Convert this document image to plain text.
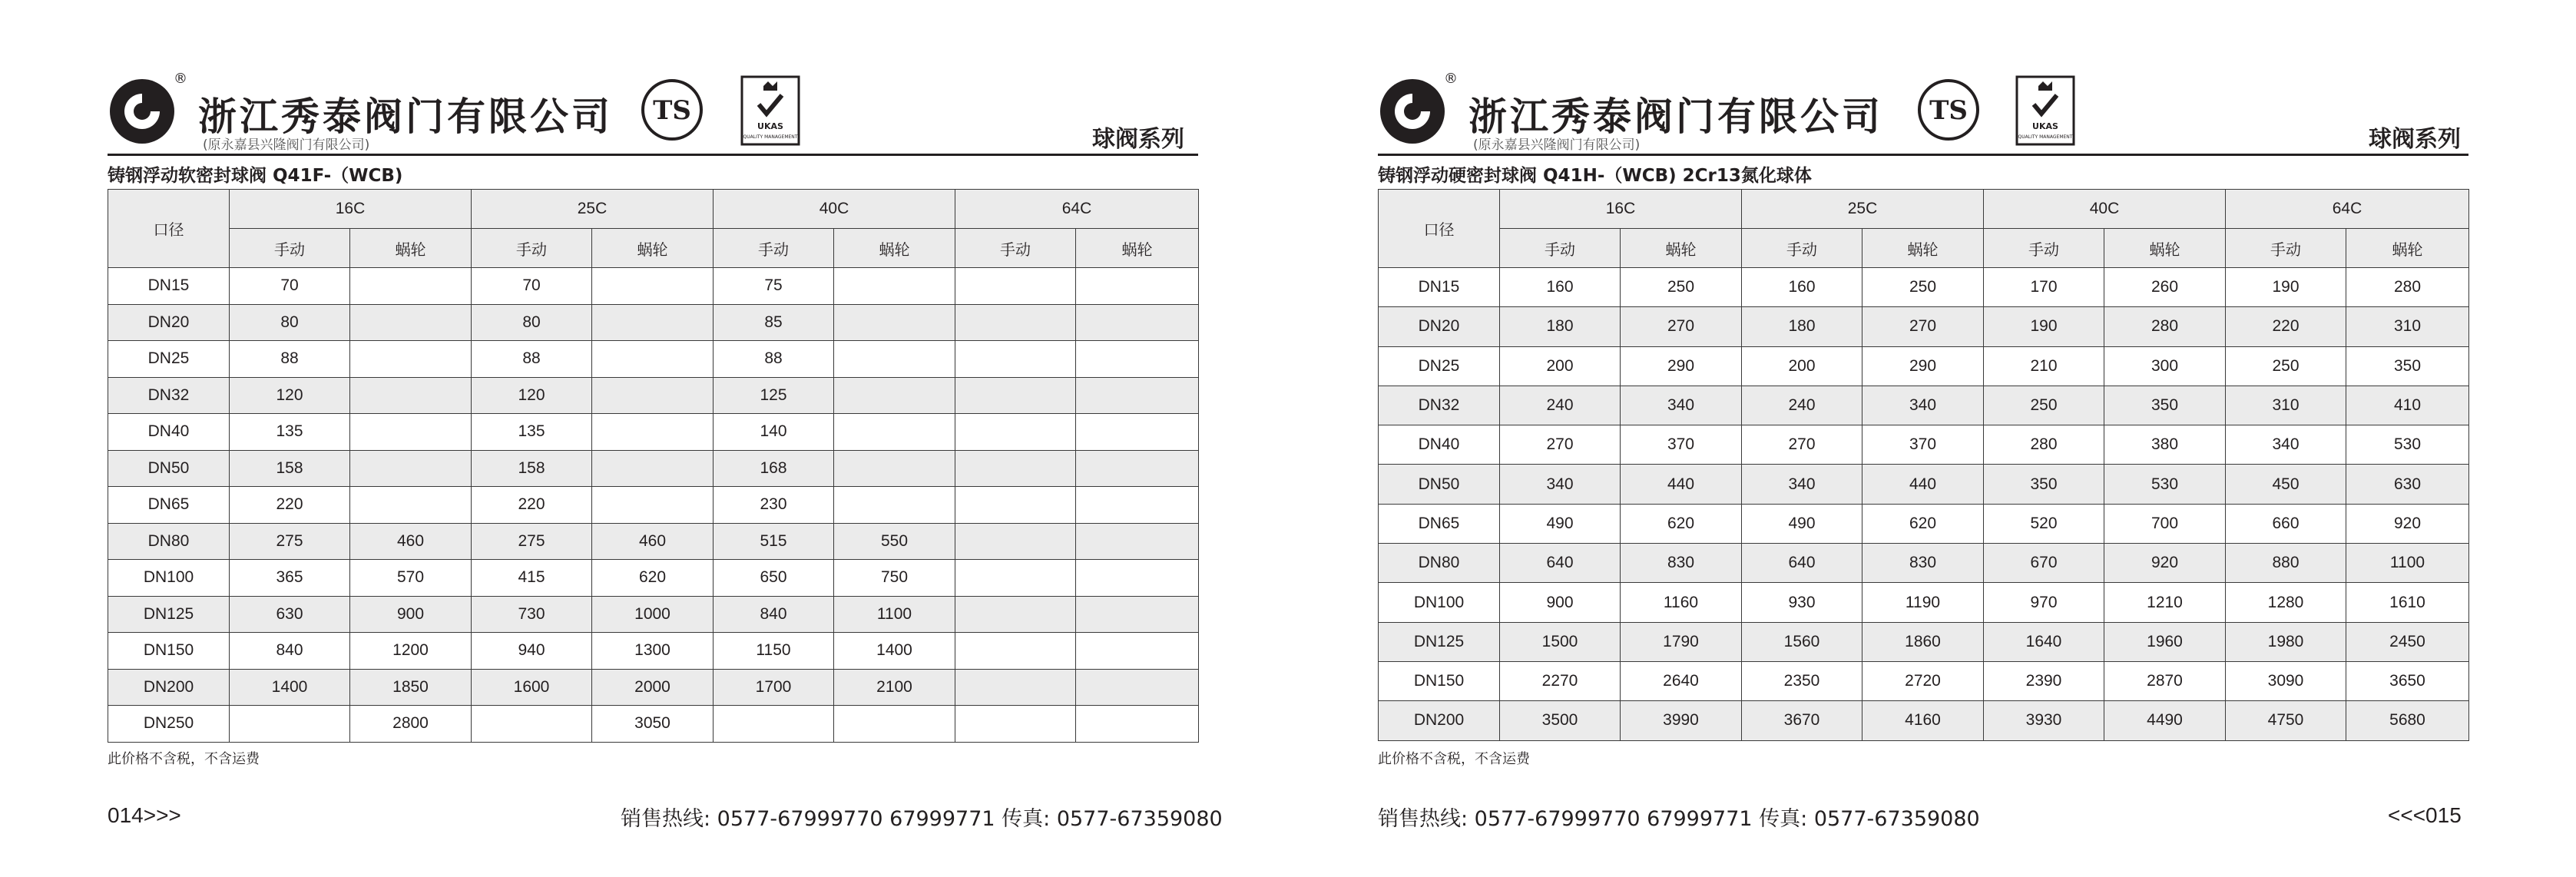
®
浙江秀泰阀门有限公司
(原永嘉县兴隆阀门有限公司)
TS
UKAS
QUALITY MANAGEMENT	球阀系列
铸钢浮动软密封球阀 Q41F-（WCB)
口径	16C		25C		40C		64C	
	手动	蜗轮	手动	蜗轮	手动	蜗轮	手动	蜗轮
DN15	70		70		75			
DN20	80		80		85			
DN25	88		88		88			
DN32	120		120		125			
DN40	135		135		140			
DN50	158		158		168			
DN65	220		220		230			
DN80	275	460	275	460	515	550		
DN100	365	570	415	620	650	750		
DN125	630	900	730	1000	840	1100		
DN150	840	1200	940	1300	1150	1400		
DN200	1400	1850	1600	2000	1700	2100		
DN250		2800		3050				
此价格不含税，不含运费
014>>>	销售热线: 0577-67999770 67999771 传真: 0577-67359080
®
浙江秀泰阀门有限公司
(原永嘉县兴隆阀门有限公司)
TS
UKAS
QUALITY MANAGEMENT	球阀系列
铸钢浮动硬密封球阀 Q41H-（WCB) 2Cr13氮化球体
口径	16C		25C		40C		64C	
	手动	蜗轮	手动	蜗轮	手动	蜗轮	手动	蜗轮
DN15	160	250	160	250	170	260	190	280
DN20	180	270	180	270	190	280	220	310
DN25	200	290	200	290	210	300	250	350
DN32	240	340	240	340	250	350	310	410
DN40	270	370	270	370	280	380	340	530
DN50	340	440	340	440	350	530	450	630
DN65	490	620	490	620	520	700	660	920
DN80	640	830	640	830	670	920	880	1100
DN100	900	1160	930	1190	970	1210	1280	1610
DN125	1500	1790	1560	1860	1640	1960	1980	2450
DN150	2270	2640	2350	2720	2390	2870	3090	3650
DN200	3500	3990	3670	4160	3930	4490	4750	5680
此价格不含税，不含运费
销售热线: 0577-67999770 67999771 传真: 0577-67359080	<<<015
